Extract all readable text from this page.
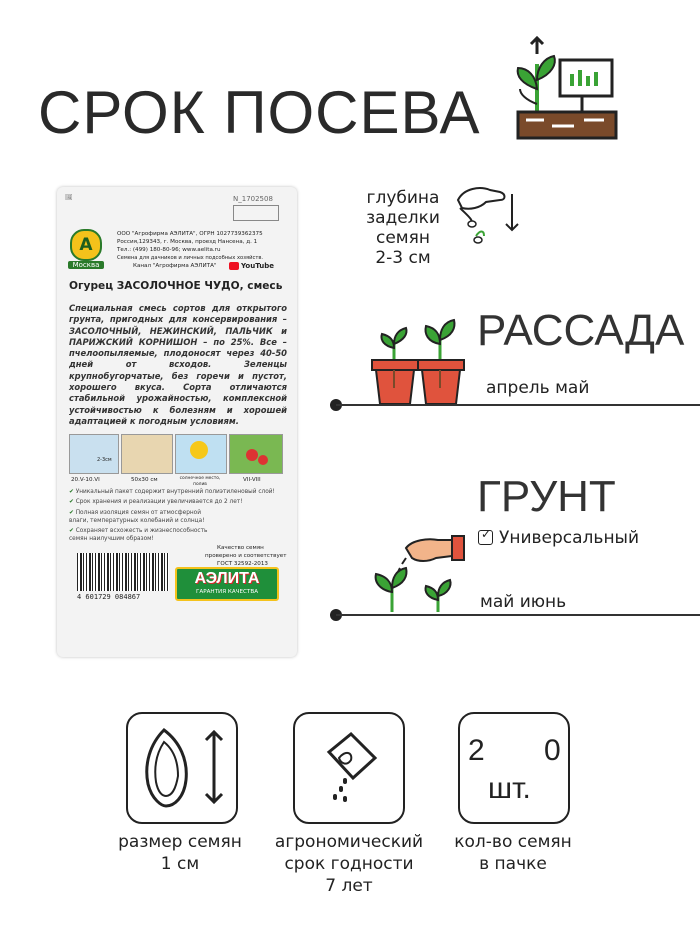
СРОК ПОСЕВА
🖼	N_1702508
A
Москва
ООО "Агрофирма АЭЛИТА", ОГРН 1027739362375
Россия,129343, г. Москва, проезд Нансена, д. 1
Тел.: (499) 180-80-96; www.aelita.ru
Семена для дачников и личных подсобных хозяйств.
Канал "Агрофирма АЭЛИТА"	YouTube
Огурец ЗАСОЛОЧНОЕ ЧУДО, смесь
Специальная смесь сортов для открытого грунта, пригодных для консервирования – ЗАСОЛОЧНЫЙ, НЕЖИНСКИЙ, ПАЛЬЧИК и ПАРИЖСКИЙ КОРНИШОН – по 25%. Все – пчелоопыляемые, плодоносят через 40-50 дней от всходов. Зеленцы крупнобугорчатые, без горечи и пустот, хорошего вкуса. Сорта отличаются стабильной урожайностью, комплексной устойчивостью к болезням и хорошей адаптацией к погодным условиям.
2-3см
20.V-10.VI	50x30 см	солнечное место, полив
VII-VIII
✔ Уникальный пакет содержит внутренний полиэтиленовый слой!
✔ Срок хранения и реализации увеличивается до 2 лет!
✔ Полная изоляция семян от атмосферной влаги, температурных колебаний и солнца!
✔ Сохраняет всхожесть и жизнеспособность семян наилучшим образом!
Качество семян
проверено и соответствует
ГОСТ 32592-2013
АЭЛИТА
ГАРАНТИЯ КАЧЕСТВА
4 601729 084867
глубина
заделки
семян
2-3 см
РАССАДА
апрель май
ГРУНТ
✓ Универсальный
май июнь
размер семян
1 см
агрономический
срок годности
7 лет
2 0
шт.
кол-во семян
в пачке
